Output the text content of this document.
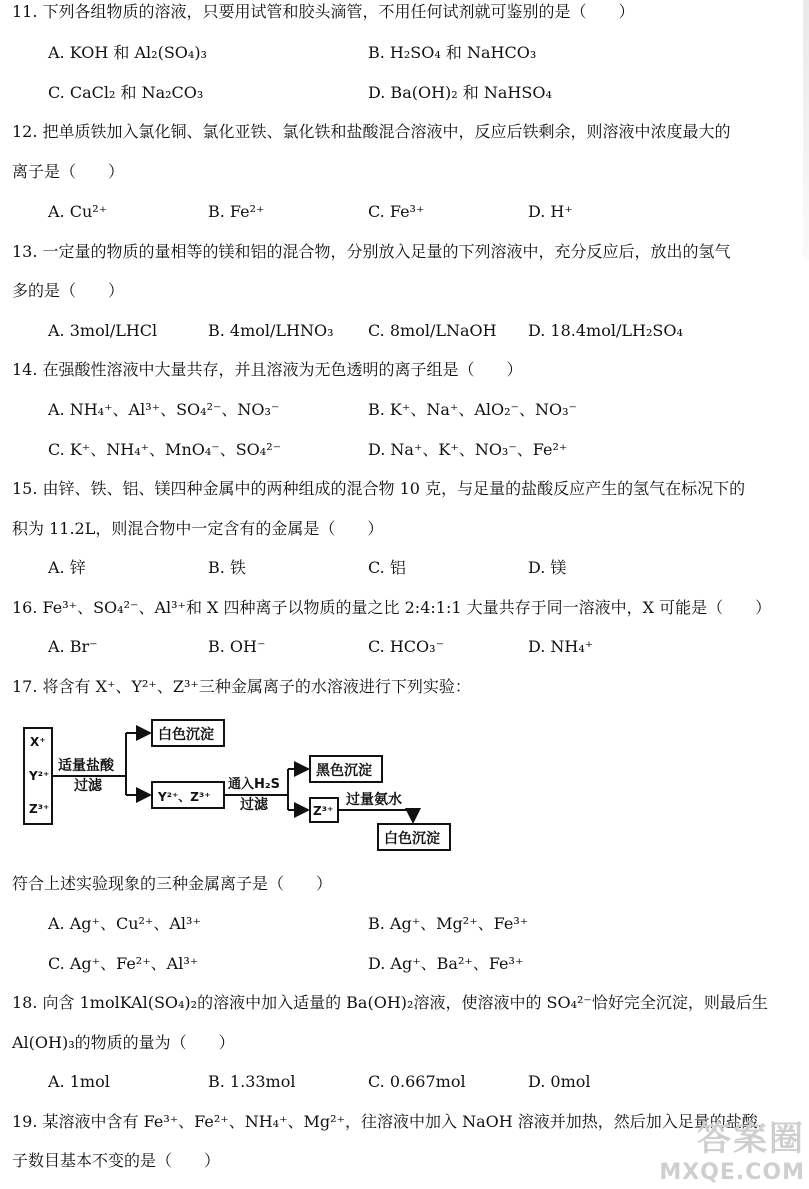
11. 下列各组物质的溶液，只要用试管和胶头滴管，不用任何试剂就可鉴别的是（　　）
A. KOH 和 Al₂(SO₄)₃	B. H₂SO₄ 和 NaHCO₃
C. CaCl₂ 和 Na₂CO₃	D. Ba(OH)₂ 和 NaHSO₄
12. 把单质铁加入氯化铜、氯化亚铁、氯化铁和盐酸混合溶液中，反应后铁剩余，则溶液中浓度最大的
离子是（　　）
A. Cu²⁺	B. Fe²⁺	C. Fe³⁺	D. H⁺
13. 一定量的物质的量相等的镁和铝的混合物，分别放入足量的下列溶液中，充分反应后，放出的氢气
多的是（　　）
A. 3mol/LHCl	B. 4mol/LHNO₃ C. 8mol/LNaOH D. 18.4mol/LH₂SO₄
14. 在强酸性溶液中大量共存，并且溶液为无色透明的离子组是（　　）
A. NH₄⁺、Al³⁺、SO₄²⁻、NO₃⁻	B. K⁺、Na⁺、AlO₂⁻、NO₃⁻
C. K⁺、NH₄⁺、MnO₄⁻、SO₄²⁻	D. Na⁺、K⁺、NO₃⁻、Fe²⁺
15. 由锌、铁、铝、镁四种金属中的两种组成的混合物 10 克，与足量的盐酸反应产生的氢气在标况下的
积为 11.2L，则混合物中一定含有的金属是（　　）
A. 锌	B. 铁	C. 铝	D. 镁
16. Fe³⁺、SO₄²⁻、Al³⁺和 X 四种离子以物质的量之比 2:4:1:1 大量共存于同一溶液中，X 可能是（　　）
A. Br⁻	B. OH⁻	C. HCO₃⁻	D. NH₄⁺
17. 将含有 X⁺、Y²⁺、Z³⁺三种金属离子的水溶液进行下列实验：
X⁺
Y²⁺
Z³⁺
适量盐酸
过滤
白色沉淀
Y²⁺、Z³⁺
通入H₂S
过滤
黑色沉淀
Z³⁺
过量氨水
白色沉淀
符合上述实验现象的三种金属离子是（　　）
A. Ag⁺、Cu²⁺、Al³⁺	B. Ag⁺、Mg²⁺、Fe³⁺
C. Ag⁺、Fe²⁺、Al³⁺	D. Ag⁺、Ba²⁺、Fe³⁺
18. 向含 1molKAl(SO₄)₂的溶液中加入适量的 Ba(OH)₂溶液，使溶液中的 SO₄²⁻恰好完全沉淀，则最后生
Al(OH)₃的物质的量为（　　）
A. 1mol	B. 1.33mol	C. 0.667mol	D. 0mol
19. 某溶液中含有 Fe³⁺、Fe²⁺、NH₄⁺、Mg²⁺，往溶液中加入 NaOH 溶液并加热，然后加入足量的盐酸，
子数目基本不变的是（　　）
答案圈
MXQE.COM
